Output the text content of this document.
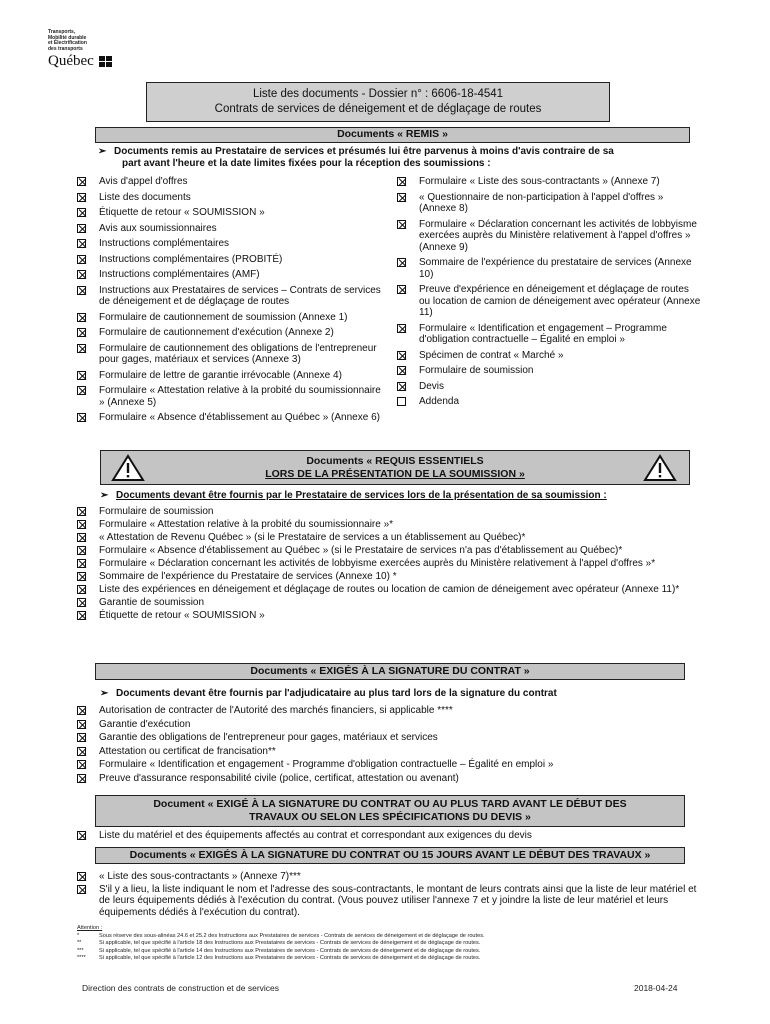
Transports,
Mobilité durable
et Électrification
des transports
Québec
Liste des documents - Dossier n° : 6606-18-4541
Contrats de services de déneigement et de déglaçage de routes
Documents « REMIS »
➢ Documents remis au Prestataire de services et présumés lui être parvenus à moins d'avis contraire de sa
part avant l'heure et la date limites fixées pour la réception des soumissions :
Avis d'appel d'offres
Liste des documents
Étiquette de retour « SOUMISSION »
Avis aux soumissionnaires
Instructions complémentaires
Instructions complémentaires (PROBITÉ)
Instructions complémentaires (AMF)
Instructions aux Prestataires de services – Contrats de services de déneigement et de déglaçage de routes
Formulaire de cautionnement de soumission (Annexe 1)
Formulaire de cautionnement d'exécution (Annexe 2)
Formulaire de cautionnement des obligations de l'entrepreneur pour gages, matériaux et services (Annexe 3)
Formulaire de lettre de garantie irrévocable (Annexe 4)
Formulaire « Attestation relative à la probité du soumissionnaire » (Annexe 5)
Formulaire « Absence d'établissement au Québec » (Annexe 6)
Formulaire « Liste des sous-contractants » (Annexe 7)
« Questionnaire de non-participation à l'appel d'offres » (Annexe 8)
Formulaire « Déclaration concernant les activités de lobbyisme exercées auprès du Ministère relativement à l'appel d'offres » (Annexe 9)
Sommaire de l'expérience du prestataire de services (Annexe 10)
Preuve d'expérience en déneigement et déglaçage de routes ou location de camion de déneigement avec opérateur (Annexe 11)
Formulaire « Identification et engagement – Programme d'obligation contractuelle – Égalité en emploi »
Spécimen de contrat « Marché »
Formulaire de soumission
Devis
Addenda
Documents « REQUIS ESSENTIELS
LORS DE LA PRÉSENTATION DE LA SOUMISSION »
➢ Documents devant être fournis par le Prestataire de services lors de la présentation de sa soumission :
Formulaire de soumission
Formulaire « Attestation relative à la probité du soumissionnaire »*
« Attestation de Revenu Québec » (si le Prestataire de services a un établissement au Québec)*
Formulaire « Absence d'établissement au Québec » (si le Prestataire de services n'a pas d'établissement au Québec)*
Formulaire « Déclaration concernant les activités de lobbyisme exercées auprès du Ministère relativement à l'appel d'offres »*
Sommaire de l'expérience du Prestataire de services (Annexe 10) *
Liste des expériences en déneigement et déglaçage de routes ou location de camion de déneigement avec opérateur (Annexe 11)*
Garantie de soumission
Étiquette de retour « SOUMISSION »
Documents « EXIGÉS À LA SIGNATURE DU CONTRAT »
➢ Documents devant être fournis par l'adjudicataire au plus tard lors de la signature du contrat
Autorisation de contracter de l'Autorité des marchés financiers, si applicable ****
Garantie d'exécution
Garantie des obligations de l'entrepreneur pour gages, matériaux et services
Attestation ou certificat de francisation**
Formulaire « Identification et engagement - Programme d'obligation contractuelle – Égalité en emploi »
Preuve d'assurance responsabilité civile (police, certificat, attestation ou avenant)
Document « EXIGÉ À LA SIGNATURE DU CONTRAT OU AU PLUS TARD AVANT LE DÉBUT DES
TRAVAUX OU SELON LES SPÉCIFICATIONS DU DEVIS »
Liste du matériel et des équipements affectés au contrat et correspondant aux exigences du devis
Documents « EXIGÉS À LA SIGNATURE DU CONTRAT OU 15 JOURS AVANT LE DÉBUT DES TRAVAUX »
« Liste des sous-contractants » (Annexe 7)***
S'il y a lieu, la liste indiquant le nom et l'adresse des sous-contractants, le montant de leurs contrats ainsi que la liste de leur matériel et de leurs équipements dédiés à l'exécution du contrat. (Vous pouvez utiliser l'annexe 7 et y joindre la liste de leur matériel et leurs équipements dédiés à l'exécution du contrat).
Attention :
*	Sous réserve des sous-alinéas 24.6 et 25.2 des Instructions aux Prestataires de services - Contrats de services de déneigement et de déglaçage de routes.
**	Si applicable, tel que spécifié à l'article 18 des Instructions aux Prestataires de services - Contrats de services de déneigement et de déglaçage de routes.
***	Si applicable, tel que spécifié à l'article 14 des Instructions aux Prestataires de services - Contrats de services de déneigement et de déglaçage de routes.
****	Si applicable, tel que spécifié à l'article 12 des Instructions aux Prestataires de services - Contrats de services de déneigement et de déglaçage de routes.
Direction des contrats de construction et de services	2018-04-24
